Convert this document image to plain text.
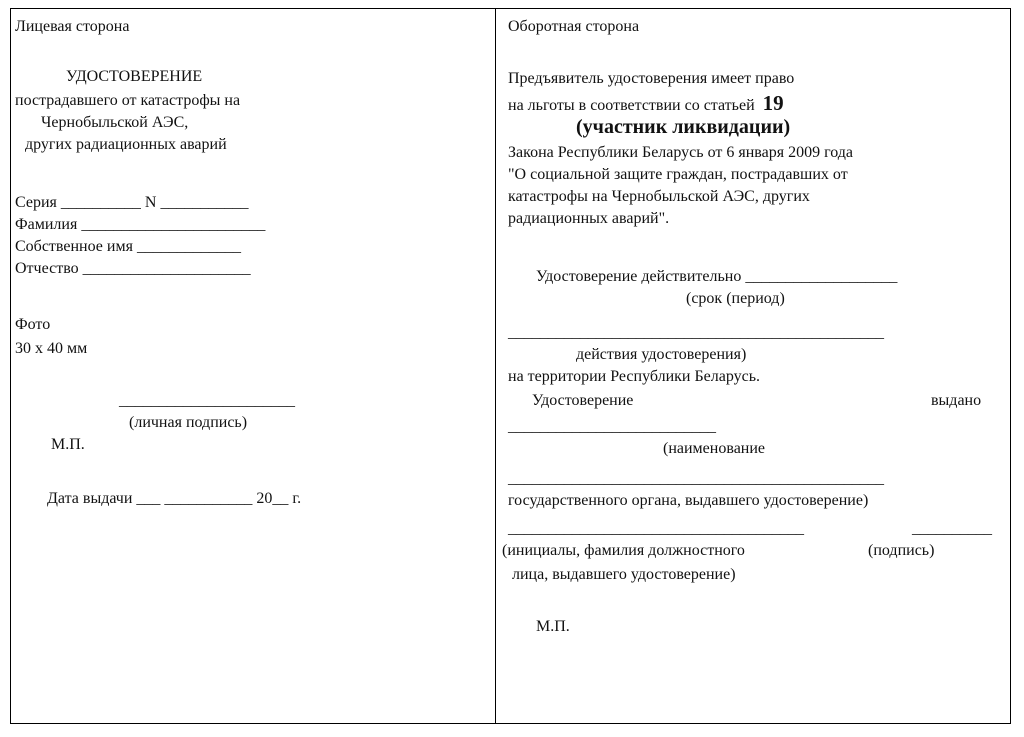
Лицевая сторона
УДОСТОВЕРЕНИЕ
пострадавшего от катастрофы на
Чернобыльской АЭС,
других радиационных аварий
Серия __________ N ___________
Фамилия _______________________
Собственное имя _____________
Отчество _____________________
Фото
30 х 40 мм
______________________
(личная подпись)
М.П.
Дата выдачи ___ ___________ 20__ г.
Оборотная сторона
Предъявитель удостоверения имеет право
на льготы в соответствии со статьей 19
(участник ликвидации)
Закона Республики Беларусь от 6 января 2009 года
"О социальной защите граждан, пострадавших от
катастрофы на Чернобыльской АЭС, других
радиационных аварий".
Удостоверение действительно ___________________
(срок (период)
_______________________________________________
действия удостоверения)
на территории Республики Беларусь.
Удостоверение	выдано
__________________________
(наименование
_______________________________________________
государственного органа, выдавшего удостоверение)
_____________________________________	__________
(инициалы, фамилия должностного	(подпись)
лица, выдавшего удостоверение)
М.П.
